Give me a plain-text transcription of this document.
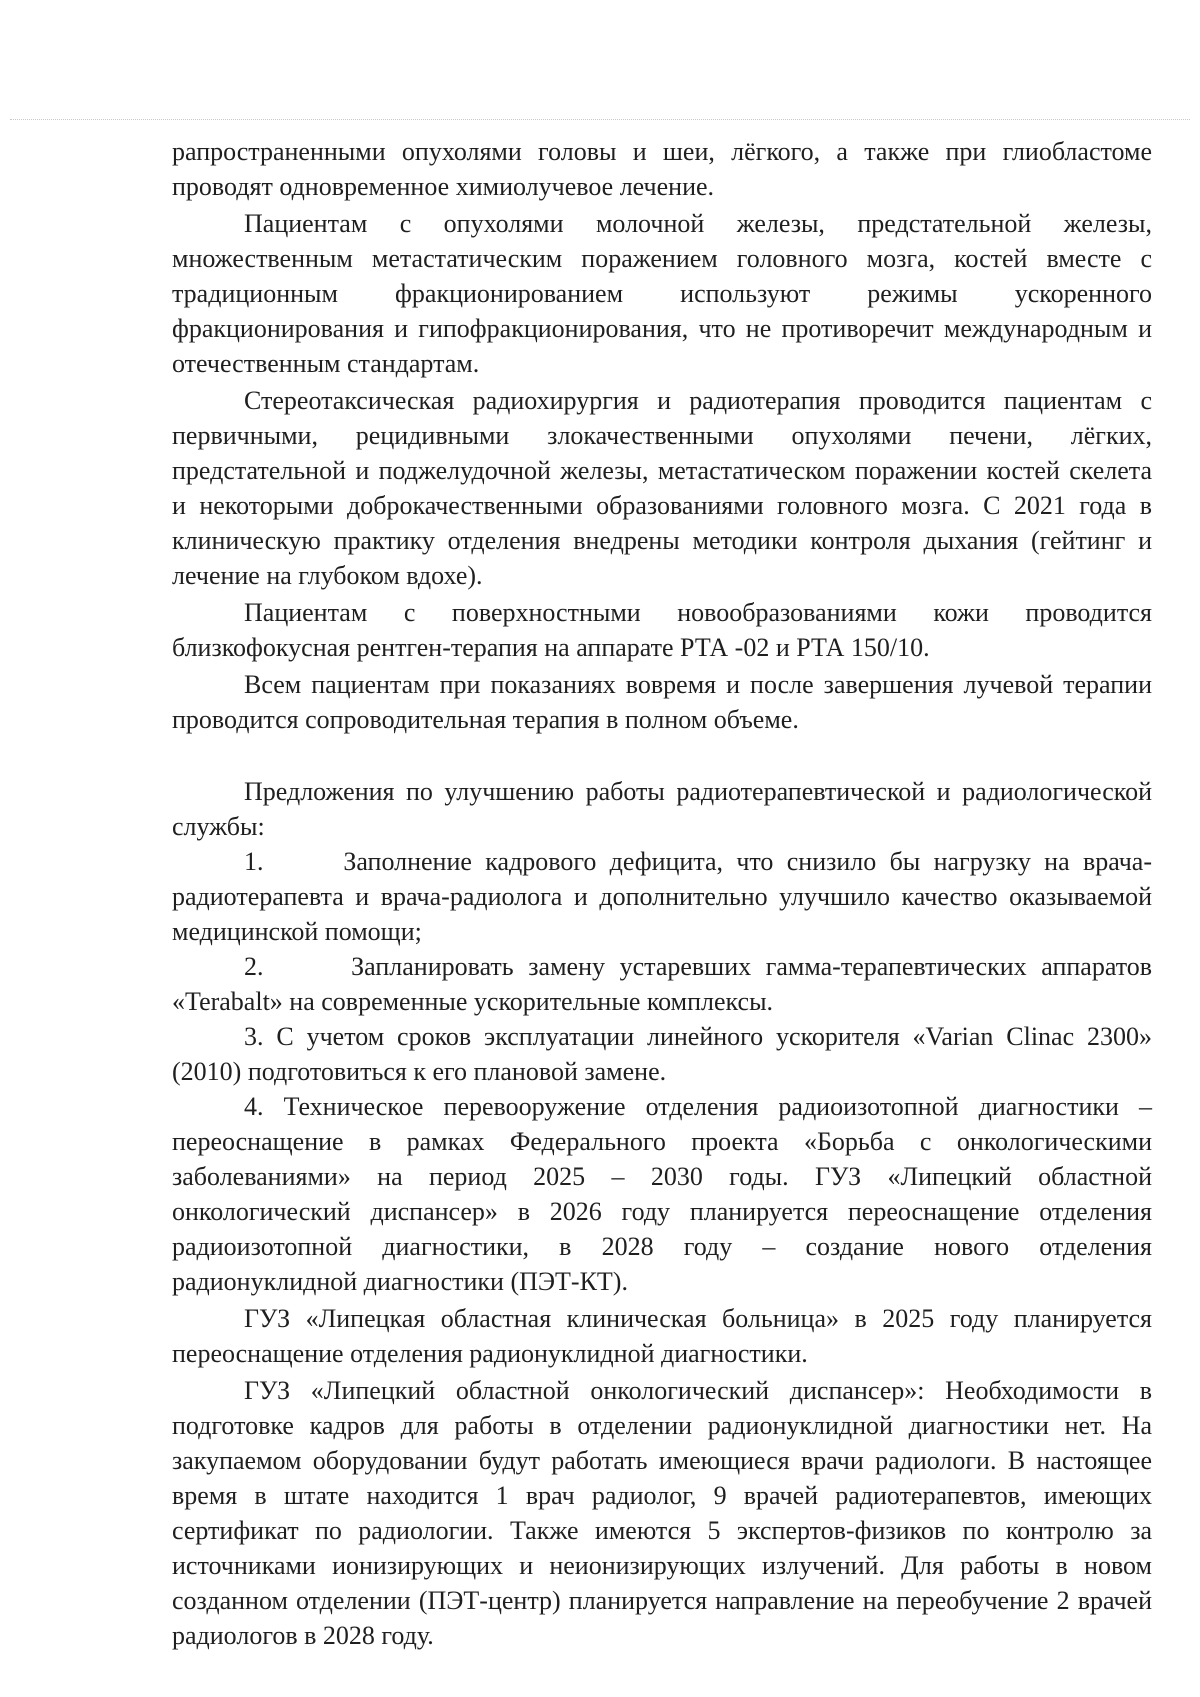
рапространенными опухолями головы и шеи, лёгкого, а также при глиобластоме проводят одновременное химиолучевое лечение.

Пациентам с опухолями молочной железы, предстательной железы, множественным метастатическим поражением головного мозга, костей вместе с традиционным фракционированием используют режимы ускоренного фракционирования и гипофракционирования, что не противоречит международным и отечественным стандартам.

Стереотаксическая радиохирургия и радиотерапия проводится пациентам с первичными, рецидивными злокачественными опухолями печени, лёгких, предстательной и поджелудочной железы, метастатическом поражении костей скелета и некоторыми доброкачественными образованиями головного мозга. С 2021 года в клиническую практику отделения внедрены методики контроля дыхания (гейтинг и лечение на глубоком вдохе).

Пациентам с поверхностными новообразованиями кожи проводится близкофокусная рентген-терапия на аппарате РТА -02 и РТА 150/10.

Всем пациентам при показаниях вовремя и после завершения лучевой терапии проводится сопроводительная терапия в полном объеме.

Предложения по улучшению работы радиотерапевтической и радиологической службы:

1.      Заполнение кадрового дефицита, что снизило бы нагрузку на врача-радиотерапевта и врача-радиолога и дополнительно улучшило качество оказываемой медицинской помощи;

2.      Запланировать замену устаревших гамма-терапевтических аппаратов «Terabalt» на современные ускорительные комплексы.

3. С учетом сроков эксплуатации линейного ускорителя «Varian Clinac 2300» (2010) подготовиться к его плановой замене.

4. Техническое перевооружение отделения радиоизотопной диагностики – переоснащение в рамках Федерального проекта «Борьба с онкологическими заболеваниями» на период 2025 – 2030 годы. ГУЗ «Липецкий областной онкологический диспансер» в 2026 году планируется переоснащение отделения радиоизотопной диагностики, в 2028 году – создание нового отделения радионуклидной диагностики (ПЭТ-КТ).

ГУЗ «Липецкая областная клиническая больница» в 2025 году планируется переоснащение отделения радионуклидной диагностики.

ГУЗ «Липецкий областной онкологический диспансер»: Необходимости в подготовке кадров для работы в отделении радионуклидной диагностики нет. На закупаемом оборудовании будут работать имеющиеся врачи радиологи. В настоящее время в штате находится 1 врач радиолог, 9 врачей радиотерапевтов, имеющих сертификат по радиологии. Также имеются 5 экспертов-физиков по контролю за источниками ионизирующих и неионизирующих излучений. Для работы в новом созданном отделении (ПЭТ-центр) планируется направление на переобучение 2 врачей радиологов в 2028 году.
